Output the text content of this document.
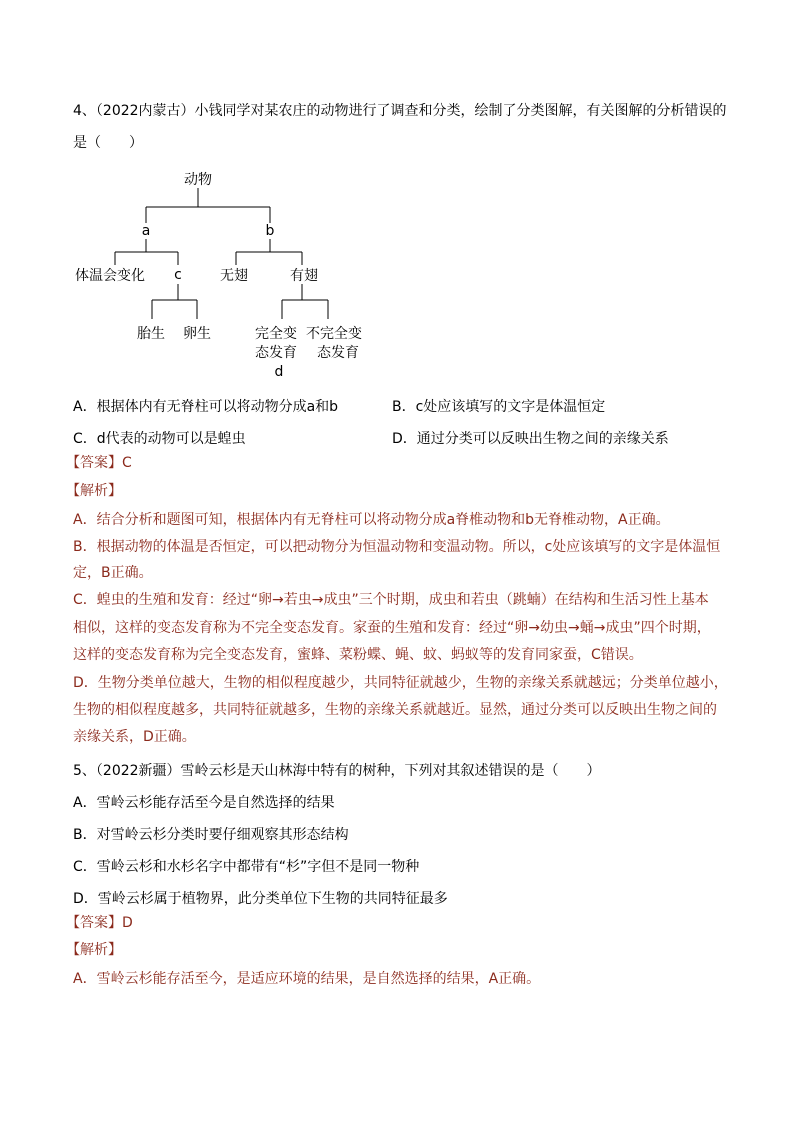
4、（2022内蒙古）小钱同学对某农庄的动物进行了调查和分类，绘制了分类图解，有关图解的分析错误的
是（　　）
动物
a	b
体温会变化 c	无翅	有翅
胎生 卵生	完全变
态发育
d
不完全变
态发育
A．根据体内有无脊柱可以将动物分成a和b	B．c处应该填写的文字是体温恒定
C．d代表的动物可以是蝗虫	D．通过分类可以反映出生物之间的亲缘关系
【答案】C
【解析】
A．结合分析和题图可知，根据体内有无脊柱可以将动物分成a脊椎动物和b无脊椎动物，A正确。
B．根据动物的体温是否恒定，可以把动物分为恒温动物和变温动物。所以，c处应该填写的文字是体温恒
定，B正确。
C．蝗虫的生殖和发育：经过“卵→若虫→成虫”三个时期，成虫和若虫（跳蝻）在结构和生活习性上基本
相似，这样的变态发育称为不完全变态发育。家蚕的生殖和发育：经过“卵→幼虫→蛹→成虫”四个时期，
这样的变态发育称为完全变态发育，蜜蜂、菜粉蝶、蝇、蚊、蚂蚁等的发育同家蚕，C错误。
D．生物分类单位越大，生物的相似程度越少，共同特征就越少，生物的亲缘关系就越远；分类单位越小，
生物的相似程度越多，共同特征就越多，生物的亲缘关系就越近。显然，通过分类可以反映出生物之间的
亲缘关系，D正确。
5、（2022新疆）雪岭云杉是天山林海中特有的树种，下列对其叙述错误的是（　　）
A．雪岭云杉能存活至今是自然选择的结果
B．对雪岭云杉分类时要仔细观察其形态结构
C．雪岭云杉和水杉名字中都带有“杉”字但不是同一物种
D．雪岭云杉属于植物界，此分类单位下生物的共同特征最多
【答案】D
【解析】
A．雪岭云杉能存活至今，是适应环境的结果，是自然选择的结果，A正确。
